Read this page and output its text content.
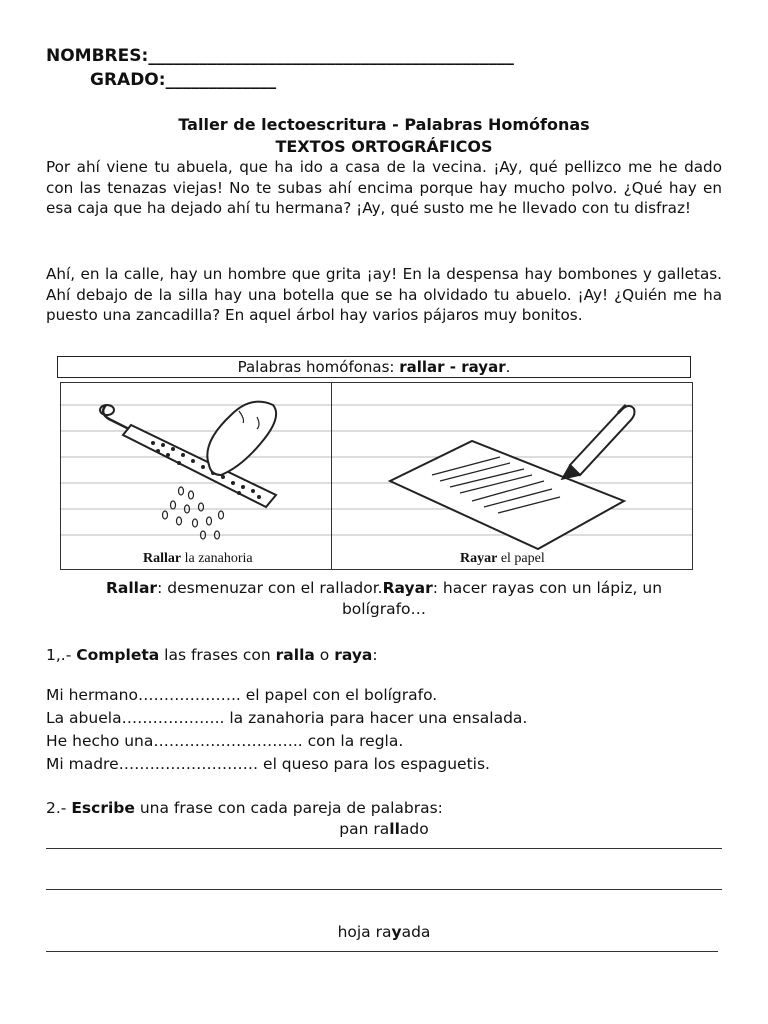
NOMBRES:___________________________________________
GRADO:_____________
Taller de lectoescritura - Palabras Homófonas
TEXTOS ORTOGRÁFICOS
Por ahí viene tu abuela, que ha ido a casa de la vecina. ¡Ay, qué pellizco me he dado con las tenazas viejas! No te subas ahí encima porque hay mucho polvo. ¿Qué hay en esa caja que ha dejado ahí tu hermana? ¡Ay, qué susto me he llevado con tu disfraz!
Ahí, en la calle, hay un hombre que grita ¡ay! En la despensa hay bombones y galletas. Ahí debajo de la silla hay una botella que se ha olvidado tu abuelo. ¡Ay! ¿Quién me ha puesto una zancadilla? En aquel árbol hay varios pájaros muy bonitos.
Palabras homófonas: rallar - rayar.
Rallar la zanahoria	Rayar el papel
Rallar: desmenuzar con el rallador.Rayar: hacer rayas con un lápiz, un
bolígrafo…
1,.- Completa las frases con ralla o raya:
Mi hermano……………….. el papel con el bolígrafo.
La abuela……………….. la zanahoria para hacer una ensalada.
He hecho una……………………….. con la regla.
Mi madre……………………… el queso para los espaguetis.
2.- Escribe una frase con cada pareja de palabras:
pan rallado
hoja rayada
